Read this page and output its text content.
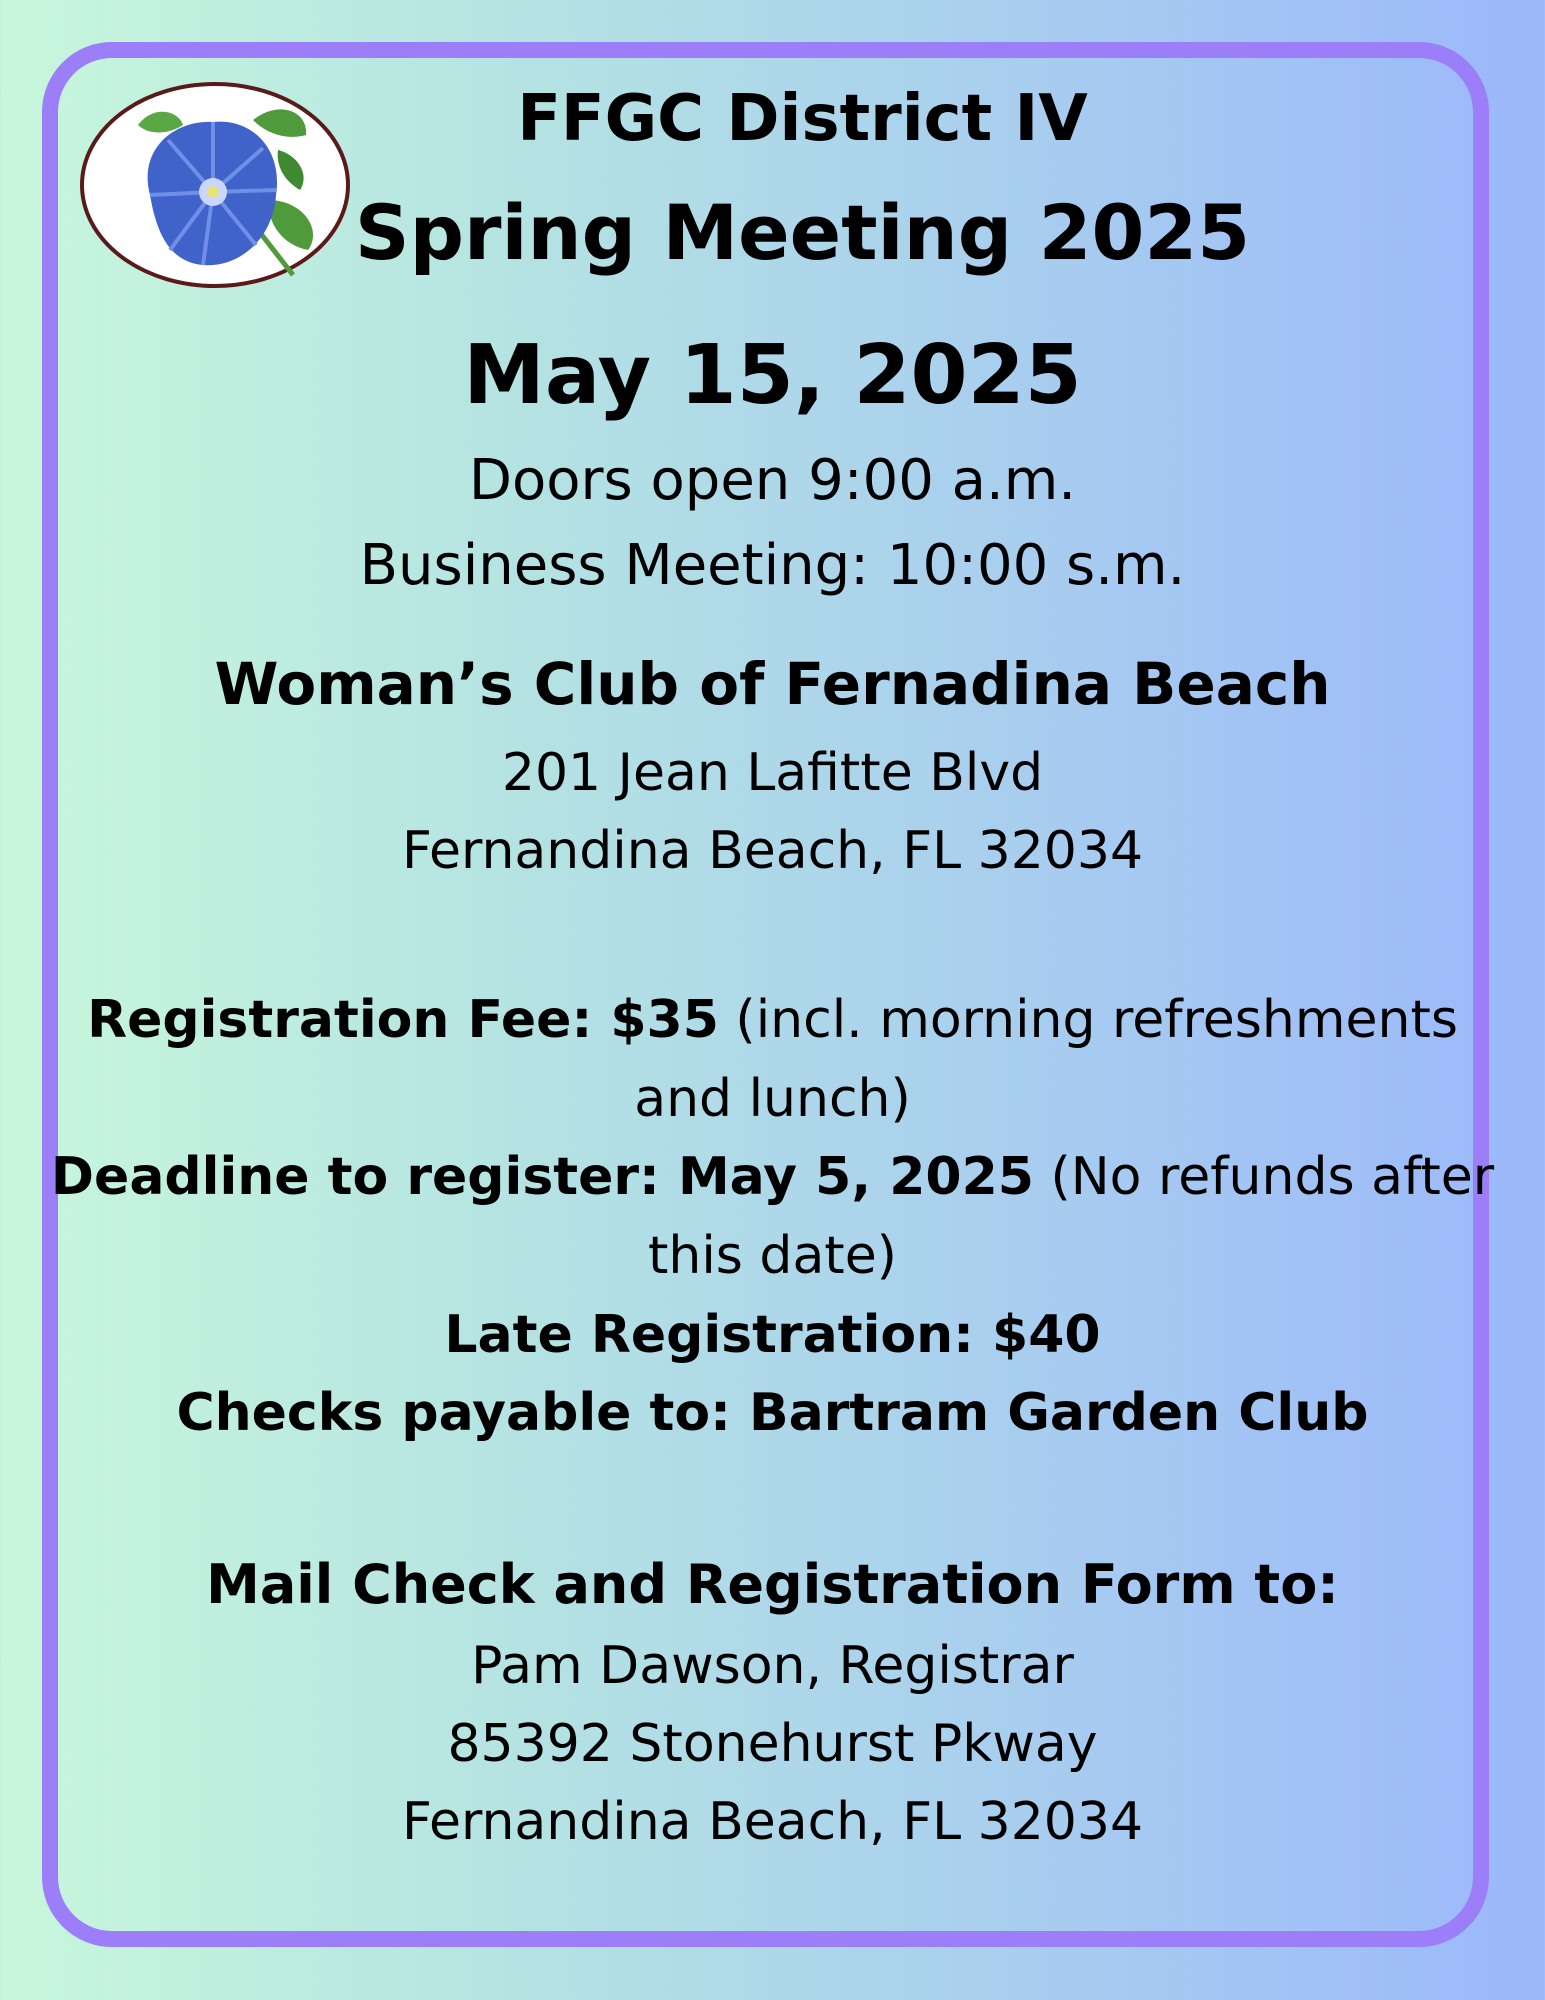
FFGC District IV
Spring Meeting 2025
May 15, 2025
Doors open 9:00 a.m.
Business Meeting: 10:00 s.m.
Woman’s Club of Fernadina Beach
201 Jean Lafitte Blvd
Fernandina Beach, FL 32034
Registration Fee: $35 (incl. morning refreshments
and lunch)
Deadline to register: May 5, 2025 (No refunds after
this date)
Late Registration: $40
Checks payable to: Bartram Garden Club
Mail Check and Registration Form to:
Pam Dawson, Registrar
85392 Stonehurst Pkway
Fernandina Beach, FL 32034
